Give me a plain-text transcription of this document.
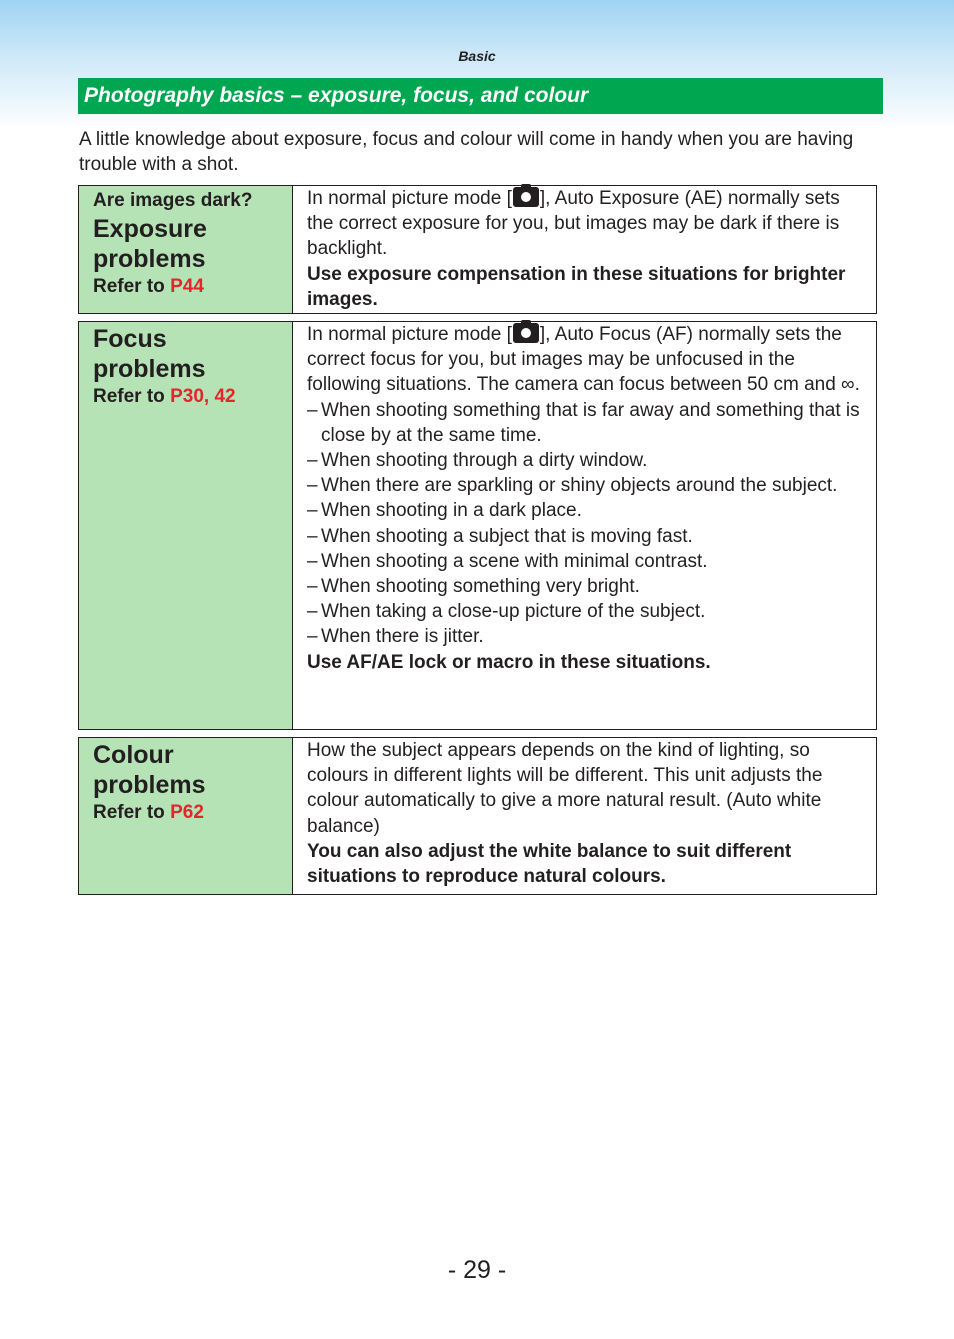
Basic
Photography basics – exposure, focus, and colour
A little knowledge about exposure, focus and colour will come in handy when you are having trouble with a shot.
Are images dark?
Exposure
problems
Refer to P44
In normal picture mode [ ], Auto Exposure (AE) normally sets the correct exposure for you, but images may be dark if there is backlight.
Use exposure compensation in these situations for brighter images.
Focus
problems
Refer to P30, 42
In normal picture mode [ ], Auto Focus (AF) normally sets the correct focus for you, but images may be unfocused in the following situations. The camera can focus between 50 cm and ∞.
– When shooting something that is far away and something that is close by at the same time.
– When shooting through a dirty window.
– When there are sparkling or shiny objects around the subject.
– When shooting in a dark place.
– When shooting a subject that is moving fast.
– When shooting a scene with minimal contrast.
– When shooting something very bright.
– When taking a close-up picture of the subject.
– When there is jitter.
Use AF/AE lock or macro in these situations.
Colour
problems
Refer to P62
How the subject appears depends on the kind of lighting, so colours in different lights will be different. This unit adjusts the colour automatically to give a more natural result. (Auto white balance)
You can also adjust the white balance to suit different situations to reproduce natural colours.
- 29 -
